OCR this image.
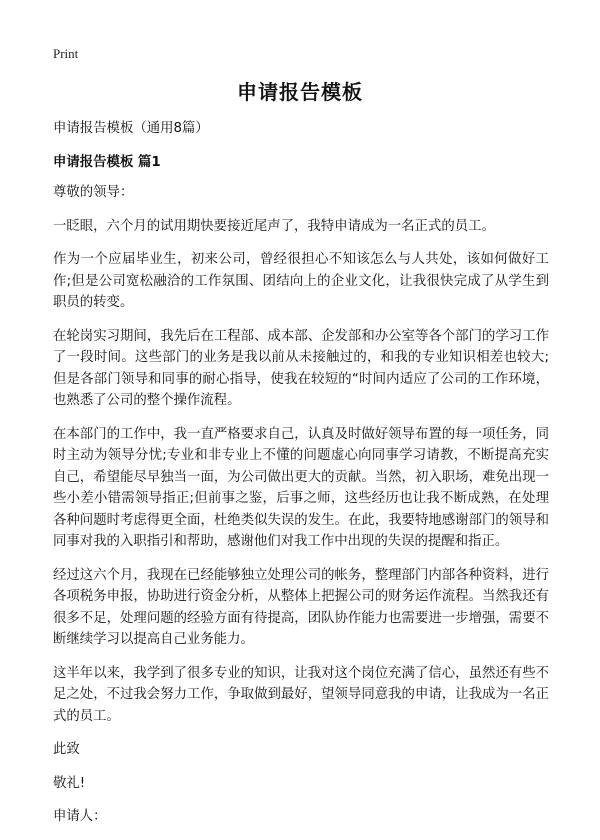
Print
申请报告模板

申请报告模板（通用8篇）

申请报告模板 篇1

尊敬的领导：

一眨眼，六个月的试用期快要接近尾声了，我特申请成为一名正式的员工。

作为一个应届毕业生，初来公司，曾经很担心不知该怎么与人共处，该如何做好工作;但是公司宽松融洽的工作氛围、团结向上的企业文化，让我很快完成了从学生到职员的转变。

在轮岗实习期间，我先后在工程部、成本部、企发部和办公室等各个部门的学习工作了一段时间。这些部门的业务是我以前从未接触过的，和我的专业知识相差也较大;但是各部门领导和同事的耐心指导，使我在较短的“时间内适应了公司的工作环境，也熟悉了公司的整个操作流程。

在本部门的工作中，我一直严格要求自己，认真及时做好领导布置的每一项任务，同时主动为领导分忧;专业和非专业上不懂的问题虚心向同事学习请教，不断提高充实自己，希望能尽早独当一面，为公司做出更大的贡献。当然，初入职场，难免出现一些小差小错需领导指正;但前事之鉴，后事之师，这些经历也让我不断成熟，在处理各种问题时考虑得更全面，杜绝类似失误的发生。在此，我要特地感谢部门的领导和同事对我的入职指引和帮助，感谢他们对我工作中出现的失误的提醒和指正。

经过这六个月，我现在已经能够独立处理公司的帐务，整理部门内部各种资料，进行各项税务申报，协助进行资金分析，从整体上把握公司的财务运作流程。当然我还有很多不足，处理问题的经验方面有待提高，团队协作能力也需要进一步增强，需要不断继续学习以提高自己业务能力。

这半年以来，我学到了很多专业的知识，让我对这个岗位充满了信心，虽然还有些不足之处，不过我会努力工作，争取做到最好，望领导同意我的申请，让我成为一名正式的员工。

此致

敬礼!

申请人：
